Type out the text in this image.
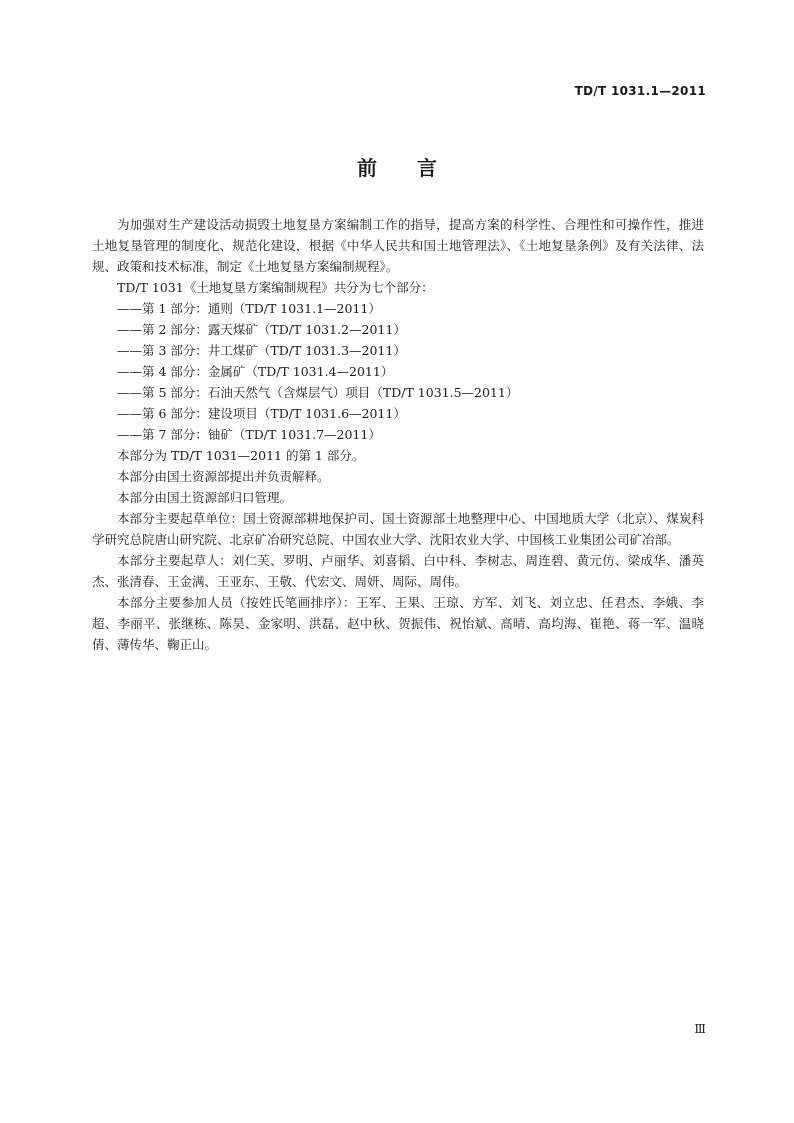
TD/T 1031.1—2011
前　　言

为加强对生产建设活动损毁土地复垦方案编制工作的指导，提高方案的科学性、合理性和可操作性，推进土地复垦管理的制度化、规范化建设，根据《中华人民共和国土地管理法》、《土地复垦条例》及有关法律、法规、政策和技术标准，制定《土地复垦方案编制规程》。

TD/T 1031《土地复垦方案编制规程》共分为七个部分：

——第 1 部分：通则（TD/T 1031.1—2011）

——第 2 部分：露天煤矿（TD/T 1031.2—2011）

——第 3 部分：井工煤矿（TD/T 1031.3—2011）

——第 4 部分：金属矿（TD/T 1031.4—2011）

——第 5 部分：石油天然气（含煤层气）项目（TD/T 1031.5—2011）

——第 6 部分：建设项目（TD/T 1031.6—2011）

——第 7 部分：铀矿（TD/T 1031.7—2011）

本部分为 TD/T 1031—2011 的第 1 部分。

本部分由国土资源部提出并负责解释。

本部分由国土资源部归口管理。

本部分主要起草单位：国土资源部耕地保护司、国土资源部土地整理中心、中国地质大学（北京）、煤炭科学研究总院唐山研究院、北京矿冶研究总院、中国农业大学、沈阳农业大学、中国核工业集团公司矿冶部。

本部分主要起草人：刘仁芙、罗明、卢丽华、刘喜韬、白中科、李树志、周连碧、黄元仿、梁成华、潘英杰、张清春、王金满、王亚东、王敬、代宏文、周妍、周际、周伟。

本部分主要参加人员（按姓氏笔画排序）：王军、王果、王琼、方军、刘飞、刘立忠、任君杰、李娥、李超、李丽平、张继栋、陈昊、金家明、洪磊、赵中秋、贺振伟、祝怡斌、高晴、高均海、崔艳、蒋一军、温晓倩、薄传华、鞠正山。

Ⅲ
